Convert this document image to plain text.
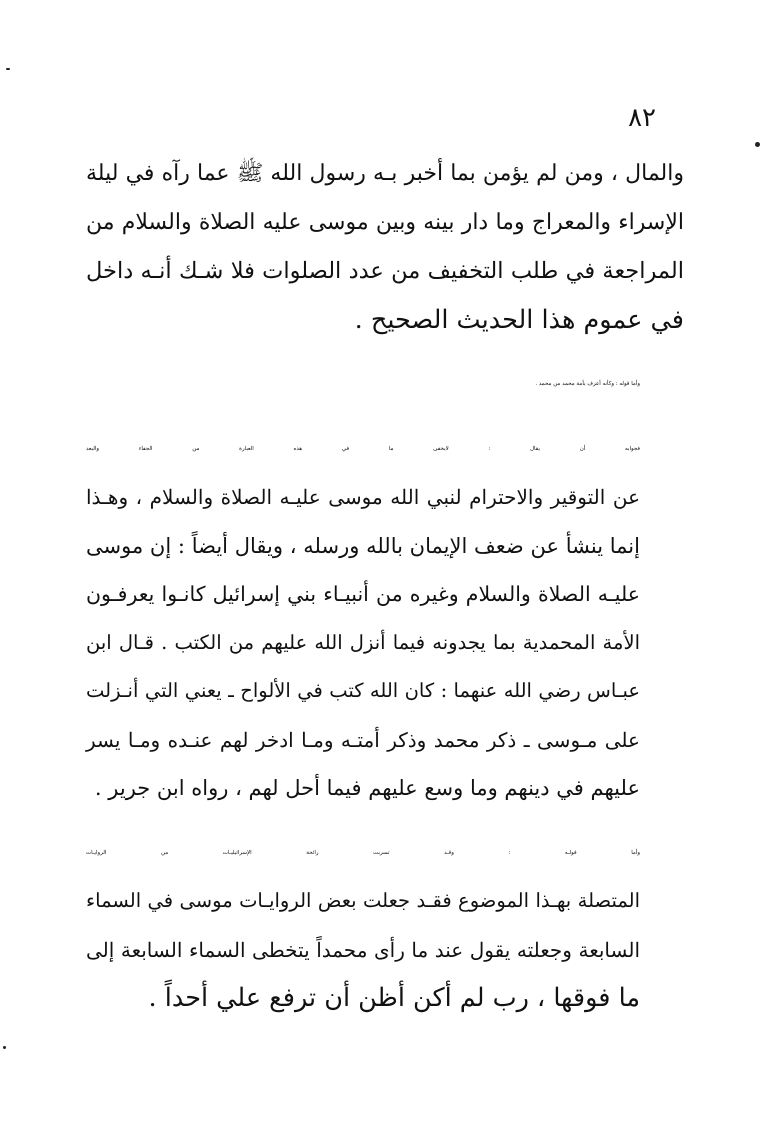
٨٢

والمال ، ومن لم يؤمن بما أخبر بـه رسول الله ﷺ عما رآه في ليلة
الإسراء والمعراج وما دار بينه وبين موسى عليه الصلاة والسلام من
المراجعة في طلب التخفيف من عدد الصلوات فلا شـك أنـه داخل
في عموم هذا الحديث الصحيح .

وأما قوله : وكأنه أعرف بأمة محمد من محمد .

فجوابه أن يقال : لايخفى ما في هذه العبارة من الجفاء والبعد
عن التوقير والاحترام لنبي الله موسى عليـه الصلاة والسلام ، وهـذا
إنما ينشأ عن ضعف الإيمان بالله ورسله ، ويقال أيضاً : إن موسى
عليـه الصلاة والسلام وغيره من أنبيـاء بني إسرائيل كانـوا يعرفـون
الأمة المحمدية بما يجدونه فيما أنزل الله عليهم من الكتب . قـال ابن
عبـاس رضي الله عنهما : كان الله كتب في الألواح ـ يعني التي أنـزلت
على مـوسى ـ ذكر محمد وذكر أمتـه ومـا ادخر لهم عنـده ومـا يسر
عليهم في دينهم وما وسع عليهم فيما أحل لهم ، رواه ابن جرير .

وأما قولـه : وقـد تسربت رائحة الإسرائيليـات من الروايـات
المتصلة بهـذا الموضوع فقـد جعلت بعض الروايـات موسى في السماء
السابعة وجعلته يقول عند ما رأى محمداً يتخطى السماء السابعة إلى
ما فوقها ، رب لم أكن أظن أن ترفع علي أحداً .
